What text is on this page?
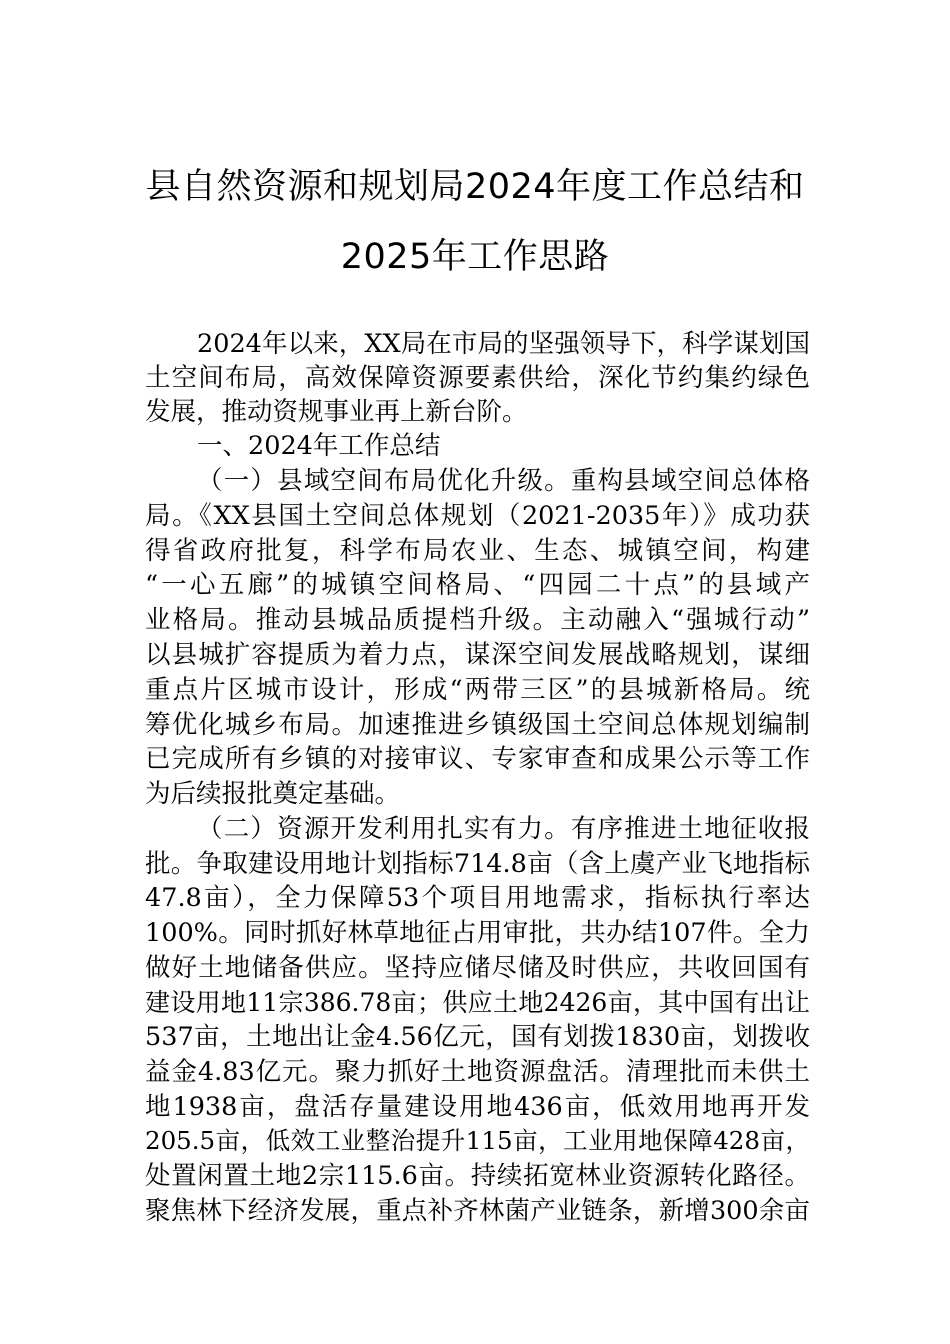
县自然资源和规划局2024年度工作总结和
2025年工作思路
2024年以来，XX局在市局的坚强领导下，科学谋划国
土空间布局，高效保障资源要素供给，深化节约集约绿色
发展，推动资规事业再上新台阶。
一、2024年工作总结
（一）县域空间布局优化升级。重构县域空间总体格
局。《XX县国土空间总体规划（2021-2035年）》成功获
得省政府批复，科学布局农业、生态、城镇空间，构建
“一心五廊”的城镇空间格局、“四园二十点”的县域产
业格局。推动县城品质提档升级。主动融入“强城行动”
以县城扩容提质为着力点，谋深空间发展战略规划，谋细
重点片区城市设计，形成“两带三区”的县城新格局。统
筹优化城乡布局。加速推进乡镇级国土空间总体规划编制
已完成所有乡镇的对接审议、专家审查和成果公示等工作
为后续报批奠定基础。
（二）资源开发利用扎实有力。有序推进土地征收报
批。争取建设用地计划指标714.8亩（含上虞产业飞地指标
47.8亩），全力保障53个项目用地需求，指标执行率达
100%。同时抓好林草地征占用审批，共办结107件。全力
做好土地储备供应。坚持应储尽储及时供应，共收回国有
建设用地11宗386.78亩；供应土地2426亩，其中国有出让
537亩，土地出让金4.56亿元，国有划拨1830亩，划拨收
益金4.83亿元。聚力抓好土地资源盘活。清理批而未供土
地1938亩，盘活存量建设用地436亩，低效用地再开发
205.5亩，低效工业整治提升115亩，工业用地保障428亩，
处置闲置土地2宗115.6亩。持续拓宽林业资源转化路径。
聚焦林下经济发展，重点补齐林菌产业链条，新增300余亩
